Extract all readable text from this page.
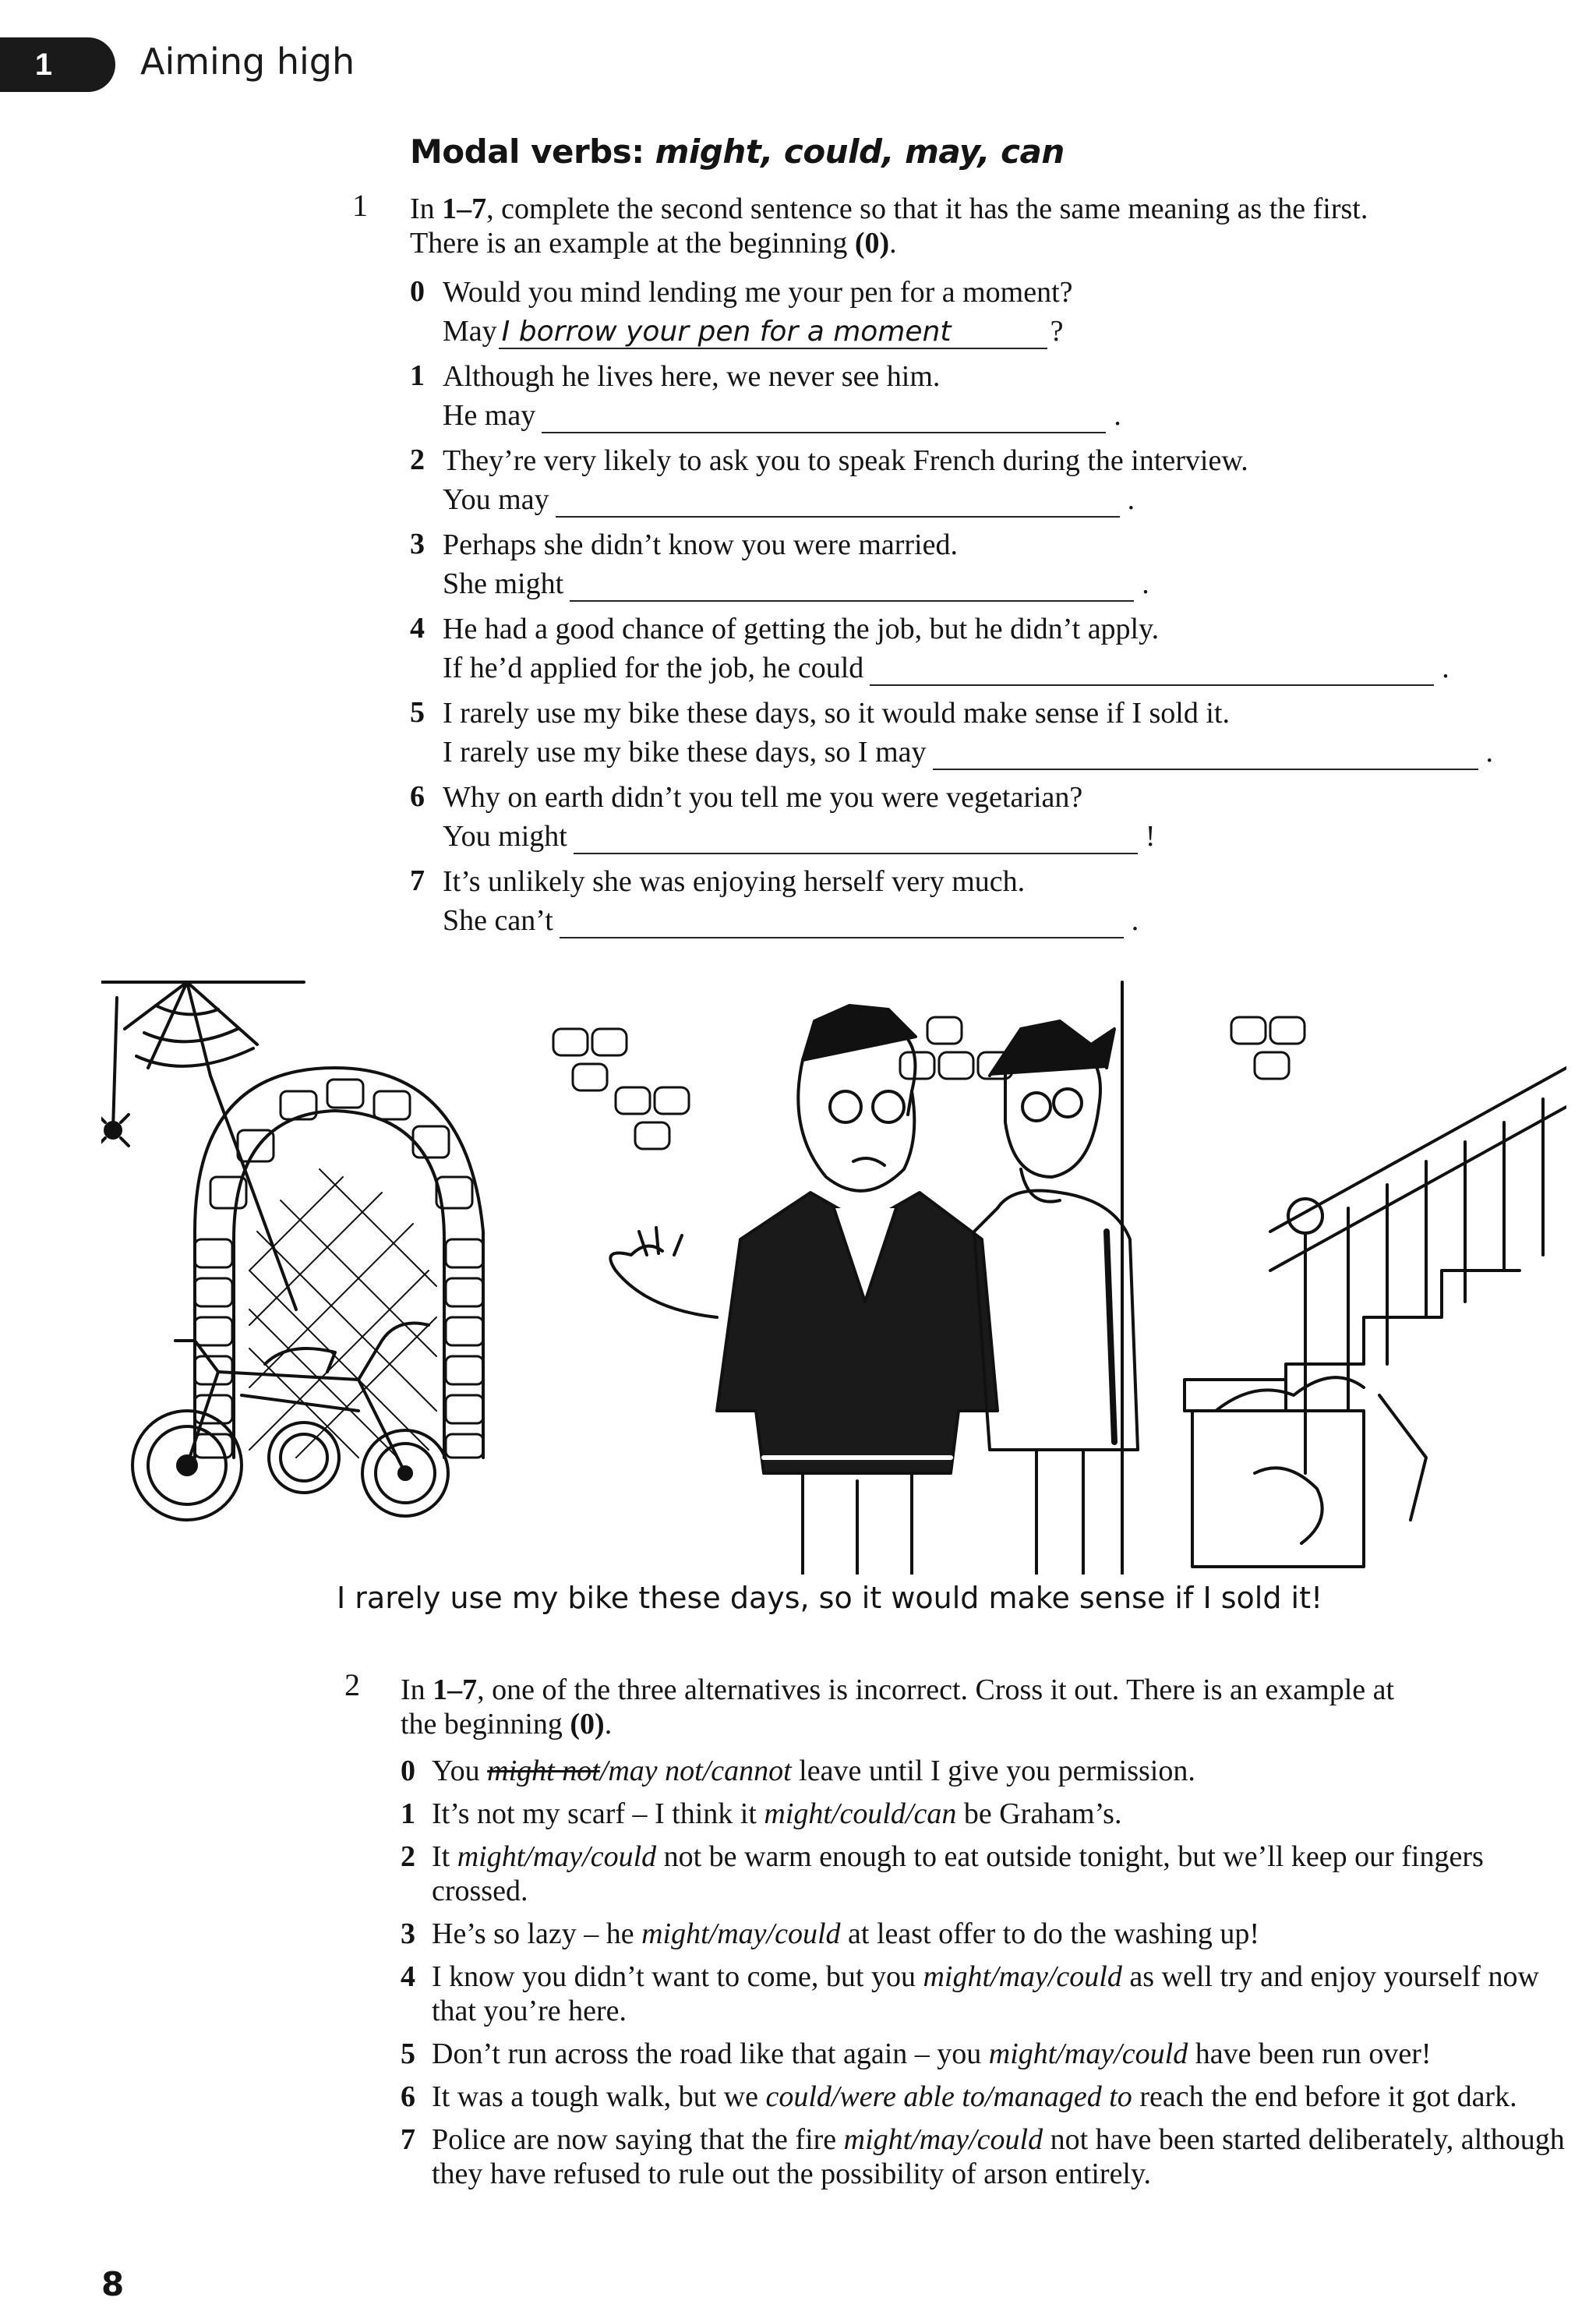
1	Aiming high
Modal verbs: might, could, may, can
1 In 1–7, complete the second sentence so that it has the same meaning as the first.
There is an example at the beginning (0).
0 Would you mind lending me your pen for a moment?
May I borrow your pen for a moment	?
1 Although he lives here, we never see him.
He may	.
2 They’re very likely to ask you to speak French during the interview.
You may	.
3 Perhaps she didn’t know you were married.
She might	.
4 He had a good chance of getting the job, but he didn’t apply.
If he’d applied for the job, he could	.
5 I rarely use my bike these days, so it would make sense if I sold it.
I rarely use my bike these days, so I may	.
6 Why on earth didn’t you tell me you were vegetarian?
You might	!
7 It’s unlikely she was enjoying herself very much.
She can’t	.
I rarely use my bike these days, so it would make sense if I sold it!
2 In 1–7, one of the three alternatives is incorrect. Cross it out. There is an example at
the beginning (0).
0 You might not/may not/cannot leave until I give you permission.
1 It’s not my scarf – I think it might/could/can be Graham’s.
2 It might/may/could not be warm enough to eat outside tonight, but we’ll keep our fingers crossed.
3 He’s so lazy – he might/may/could at least offer to do the washing up!
4 I know you didn’t want to come, but you might/may/could as well try and enjoy yourself now that you’re here.
5 Don’t run across the road like that again – you might/may/could have been run over!
6 It was a tough walk, but we could/were able to/managed to reach the end before it got dark.
7 Police are now saying that the fire might/may/could not have been started deliberately, although they have refused to rule out the possibility of arson entirely.
8
